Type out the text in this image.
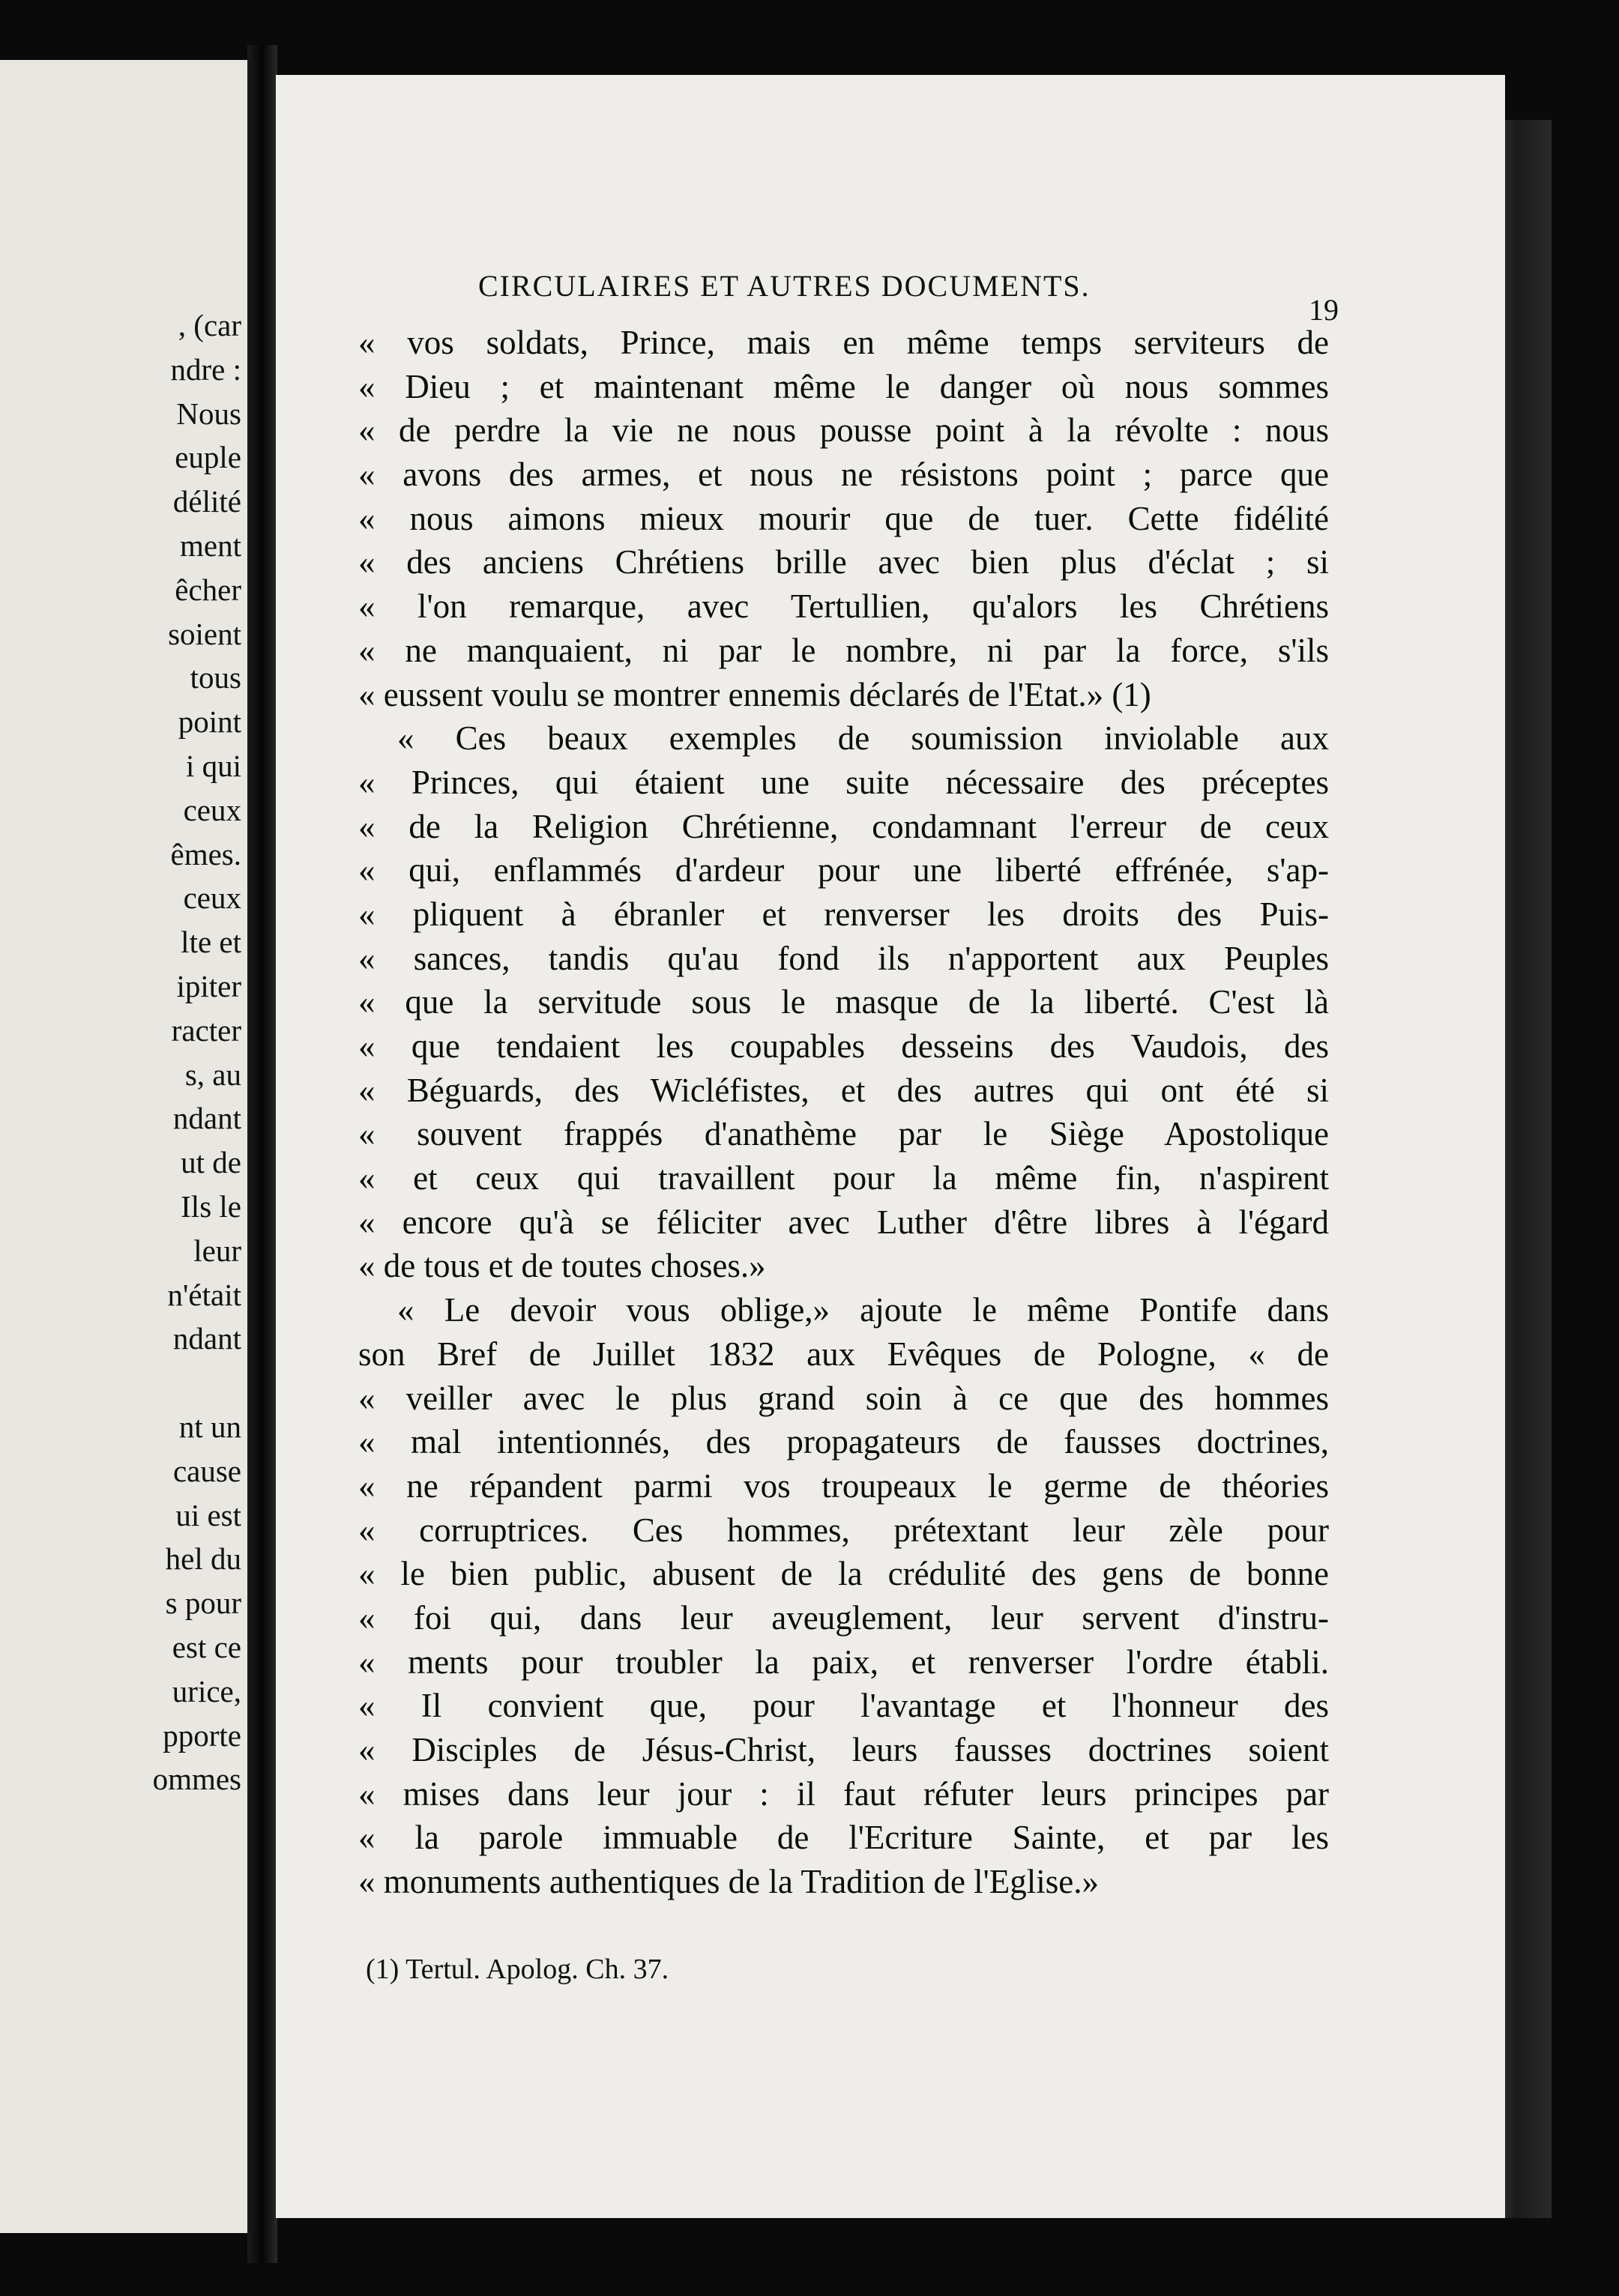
, (car
ndre :
Nous
euple
délité
ment
êcher
soient
tous
point
i qui
ceux
êmes.
ceux
lte et
ipiter
racter
s, au
ndant
ut de
Ils le
leur
n'était
ndant
nt un
cause
ui est
hel du
s pour
est ce
urice,
pporte
ommes
CIRCULAIRES ET AUTRES DOCUMENTS.
19
« vos soldats, Prince, mais en même temps serviteurs de
« Dieu ; et maintenant même le danger où nous sommes
« de perdre la vie ne nous pousse point à la révolte : nous
« avons des armes, et nous ne résistons point ; parce que
« nous aimons mieux mourir que de tuer. Cette fidélité
« des anciens Chrétiens brille avec bien plus d'éclat ; si
« l'on remarque, avec Tertullien, qu'alors les Chrétiens
« ne manquaient, ni par le nombre, ni par la force, s'ils
« eussent voulu se montrer ennemis déclarés de l'Etat.» (1)
« Ces beaux exemples de soumission inviolable aux
« Princes, qui étaient une suite nécessaire des préceptes
« de la Religion Chrétienne, condamnant l'erreur de ceux
« qui, enflammés d'ardeur pour une liberté effrénée, s'ap-
« pliquent à ébranler et renverser les droits des Puis-
« sances, tandis qu'au fond ils n'apportent aux Peuples
« que la servitude sous le masque de la liberté. C'est là
« que tendaient les coupables desseins des Vaudois, des
« Béguards, des Wicléfistes, et des autres qui ont été si
« souvent frappés d'anathème par le Siège Apostolique
« et ceux qui travaillent pour la même fin, n'aspirent
« encore qu'à se féliciter avec Luther d'être libres à l'égard
« de tous et de toutes choses.»
« Le devoir vous oblige,» ajoute le même Pontife dans
son Bref de Juillet 1832 aux Evêques de Pologne, « de
« veiller avec le plus grand soin à ce que des hommes
« mal intentionnés, des propagateurs de fausses doctrines,
« ne répandent parmi vos troupeaux le germe de théories
« corruptrices. Ces hommes, prétextant leur zèle pour
« le bien public, abusent de la crédulité des gens de bonne
« foi qui, dans leur aveuglement, leur servent d'instru-
« ments pour troubler la paix, et renverser l'ordre établi.
« Il convient que, pour l'avantage et l'honneur des
« Disciples de Jésus-Christ, leurs fausses doctrines soient
« mises dans leur jour : il faut réfuter leurs principes par
« la parole immuable de l'Ecriture Sainte, et par les
« monuments authentiques de la Tradition de l'Eglise.»
(1) Tertul. Apolog. Ch. 37.
